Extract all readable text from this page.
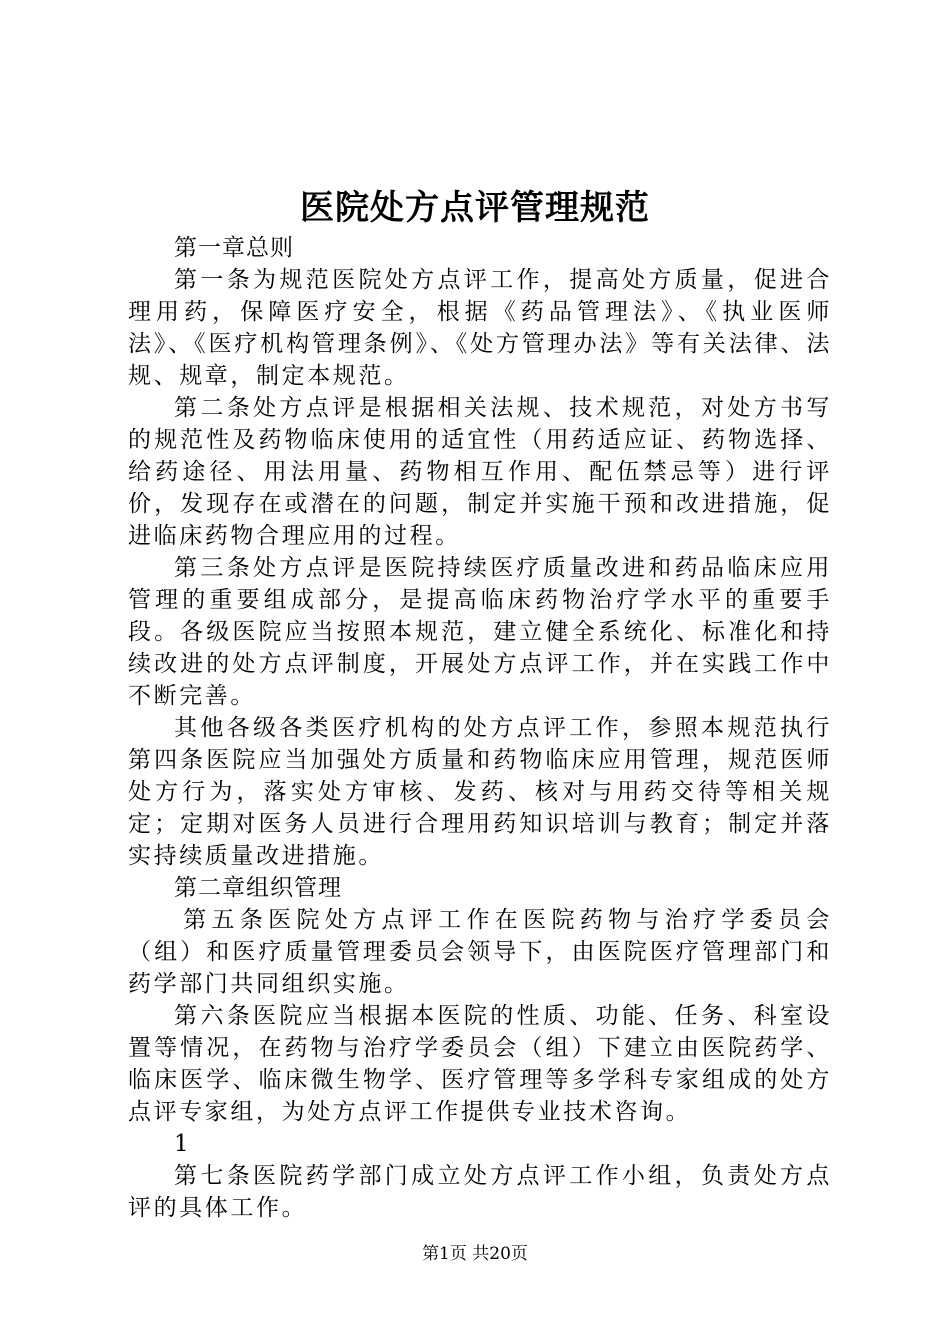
医院处方点评管理规范

第一章总则

第一条为规范医院处方点评工作，提高处方质量，促进合理用药，保障医疗安全，根据《药品管理法》、《执业医师法》、《医疗机构管理条例》、《处方管理办法》等有关法律、法规、规章，制定本规范。

第二条处方点评是根据相关法规、技术规范，对处方书写的规范性及药物临床使用的适宜性（用药适应证、药物选择、给药途径、用法用量、药物相互作用、配伍禁忌等）进行评价，发现存在或潜在的问题，制定并实施干预和改进措施，促进临床药物合理应用的过程。

第三条处方点评是医院持续医疗质量改进和药品临床应用管理的重要组成部分，是提高临床药物治疗学水平的重要手段。各级医院应当按照本规范，建立健全系统化、标准化和持续改进的处方点评制度，开展处方点评工作，并在实践工作中不断完善。

其他各级各类医疗机构的处方点评工作，参照本规范执行第四条医院应当加强处方质量和药物临床应用管理，规范医师处方行为，落实处方审核、发药、核对与用药交待等相关规定；定期对医务人员进行合理用药知识培训与教育；制定并落实持续质量改进措施。

第二章组织管理

第五条医院处方点评工作在医院药物与治疗学委员会（组）和医疗质量管理委员会领导下，由医院医疗管理部门和药学部门共同组织实施。

第六条医院应当根据本医院的性质、功能、任务、科室设置等情况，在药物与治疗学委员会（组）下建立由医院药学、临床医学、临床微生物学、医疗管理等多学科专家组成的处方点评专家组，为处方点评工作提供专业技术咨询。

1

第七条医院药学部门成立处方点评工作小组，负责处方点评的具体工作。

第1页 共20页
